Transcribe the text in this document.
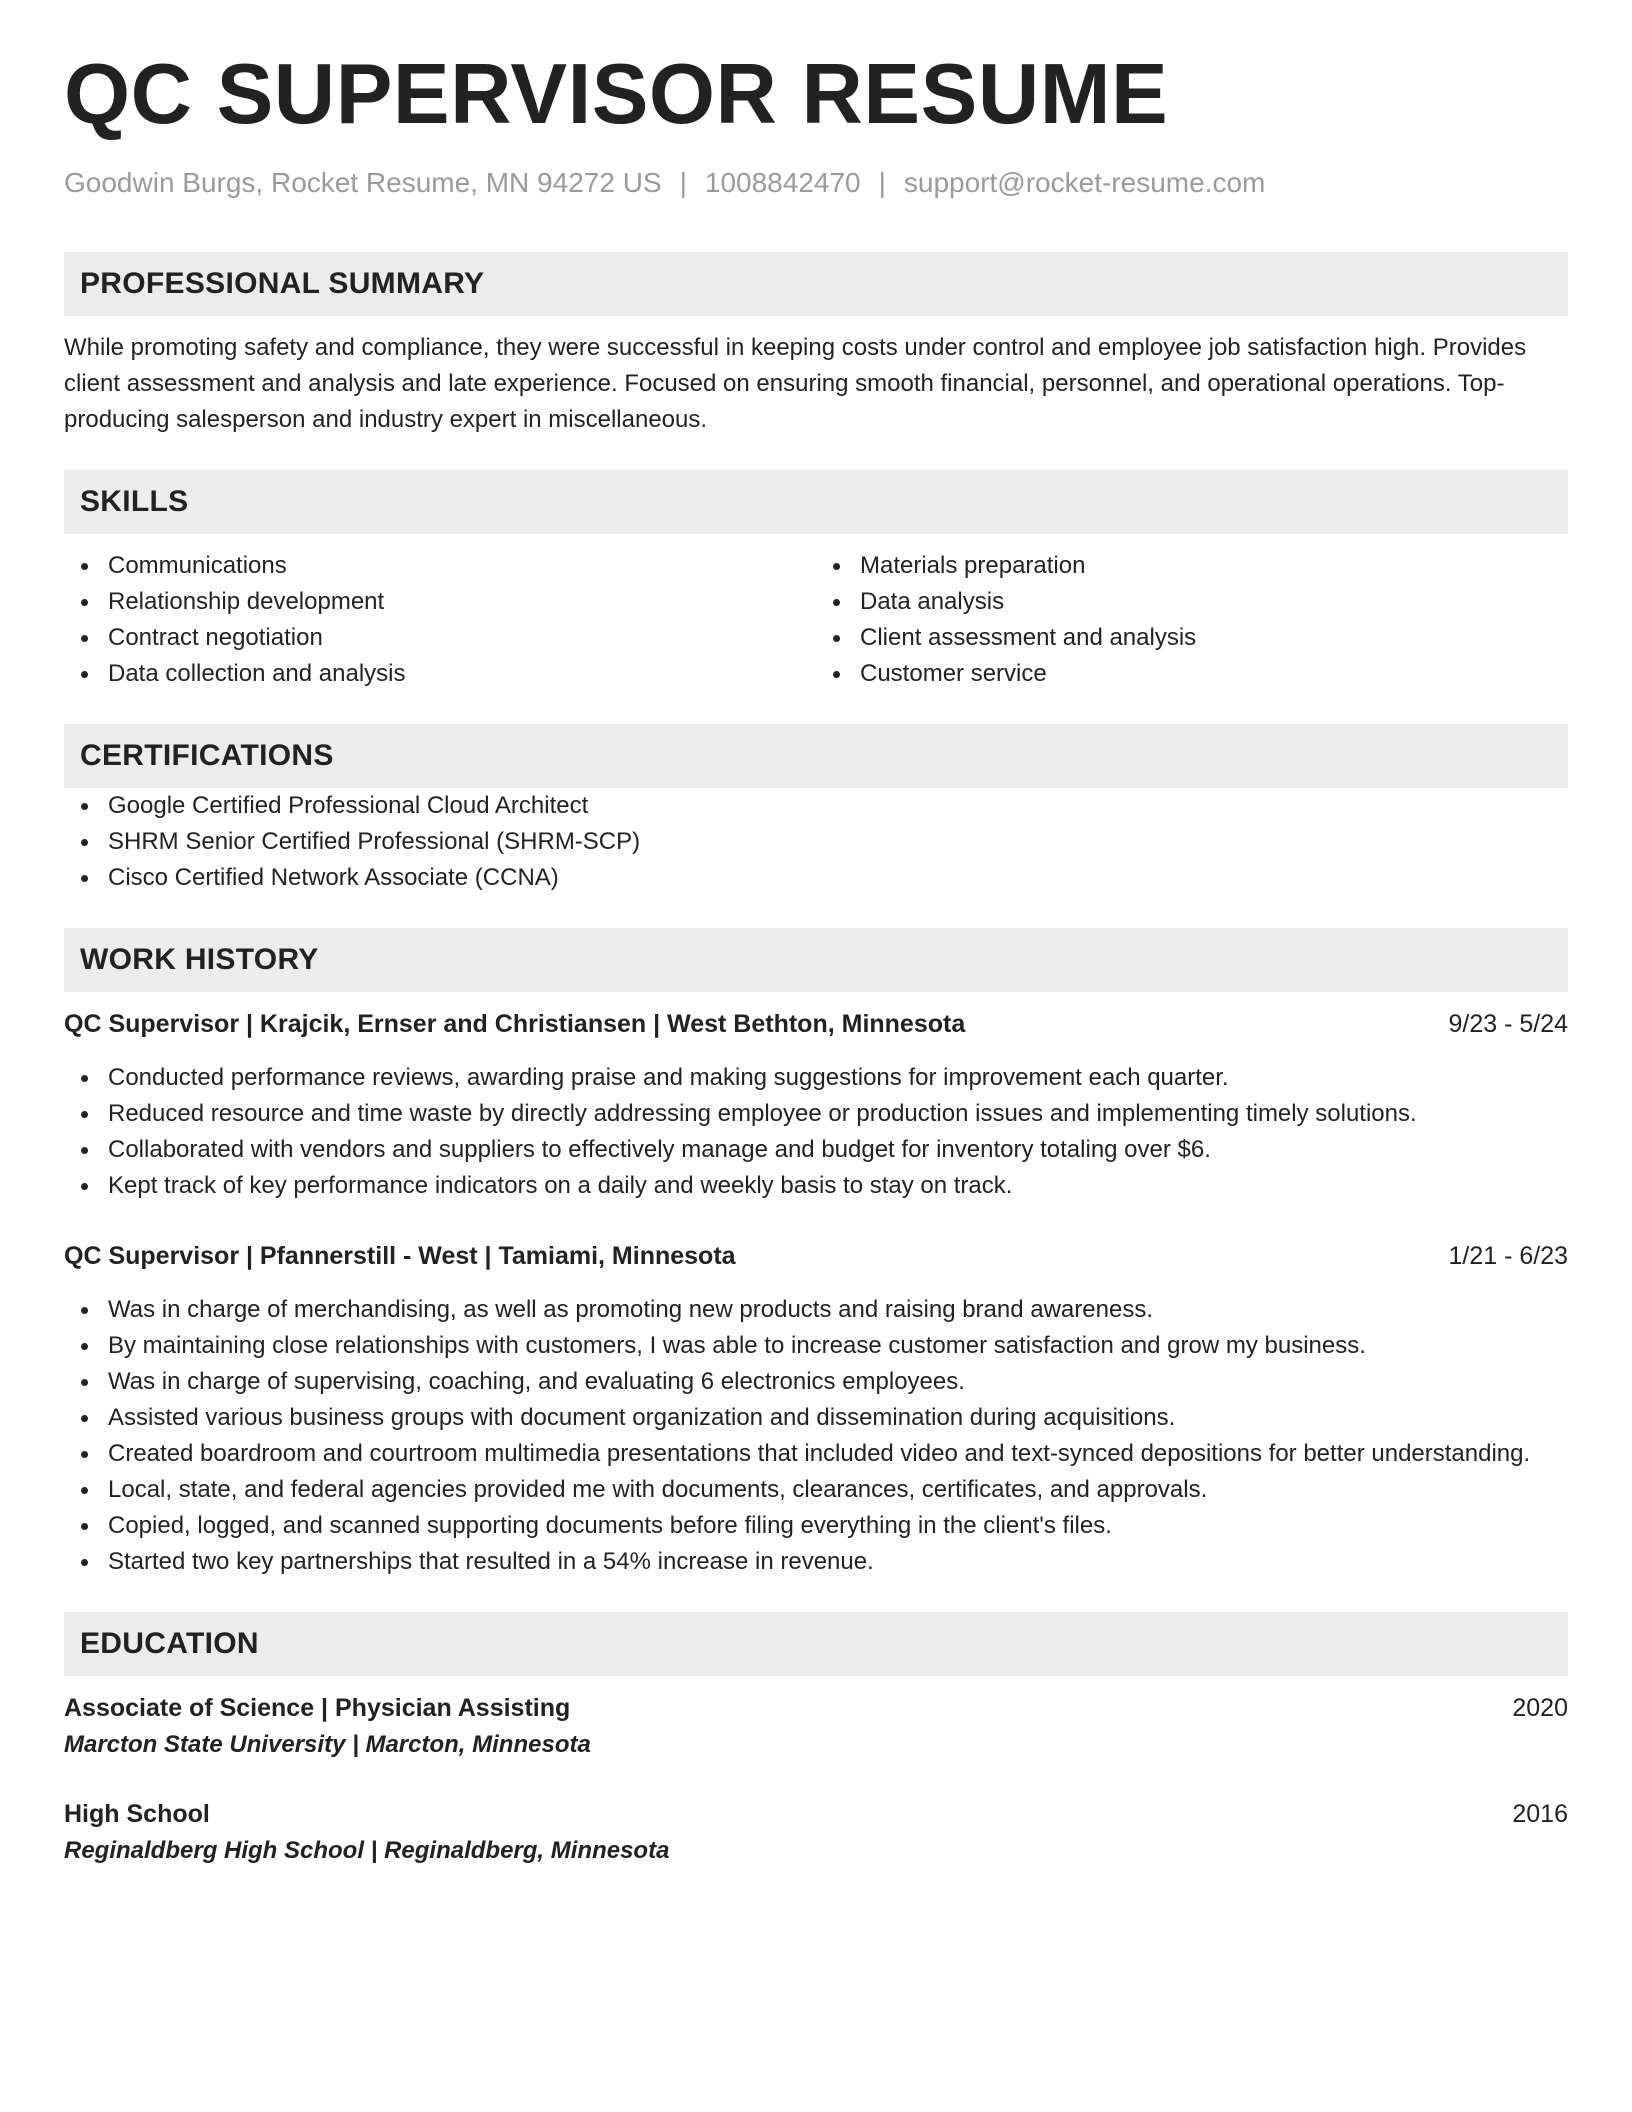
QC SUPERVISOR RESUME
Goodwin Burgs, Rocket Resume, MN 94272 US | 1008842470 | support@rocket-resume.com
PROFESSIONAL SUMMARY

While promoting safety and compliance, they were successful in keeping costs under control and employee job satisfaction high. Provides client assessment and analysis and late experience. Focused on ensuring smooth financial, personnel, and operational operations. Top-producing salesperson and industry expert in miscellaneous.

SKILLS
Communications
Relationship development
Contract negotiation
Data collection and analysis
Materials preparation
Data analysis
Client assessment and analysis
Customer service
CERTIFICATIONS
Google Certified Professional Cloud Architect
SHRM Senior Certified Professional (SHRM-SCP)
Cisco Certified Network Associate (CCNA)
WORK HISTORY
QC Supervisor | Krajcik, Ernser and Christiansen | West Bethton, Minnesota	9/23 - 5/24
Conducted performance reviews, awarding praise and making suggestions for improvement each quarter.
Reduced resource and time waste by directly addressing employee or production issues and implementing timely solutions.
Collaborated with vendors and suppliers to effectively manage and budget for inventory totaling over $6.
Kept track of key performance indicators on a daily and weekly basis to stay on track.
QC Supervisor | Pfannerstill - West | Tamiami, Minnesota	1/21 - 6/23
Was in charge of merchandising, as well as promoting new products and raising brand awareness.
By maintaining close relationships with customers, I was able to increase customer satisfaction and grow my business.
Was in charge of supervising, coaching, and evaluating 6 electronics employees.
Assisted various business groups with document organization and dissemination during acquisitions.
Created boardroom and courtroom multimedia presentations that included video and text-synced depositions for better understanding.
Local, state, and federal agencies provided me with documents, clearances, certificates, and approvals.
Copied, logged, and scanned supporting documents before filing everything in the client's files.
Started two key partnerships that resulted in a 54% increase in revenue.
EDUCATION
Associate of Science | Physician Assisting	2020
Marcton State University | Marcton, Minnesota
High School	2016
Reginaldberg High School | Reginaldberg, Minnesota
